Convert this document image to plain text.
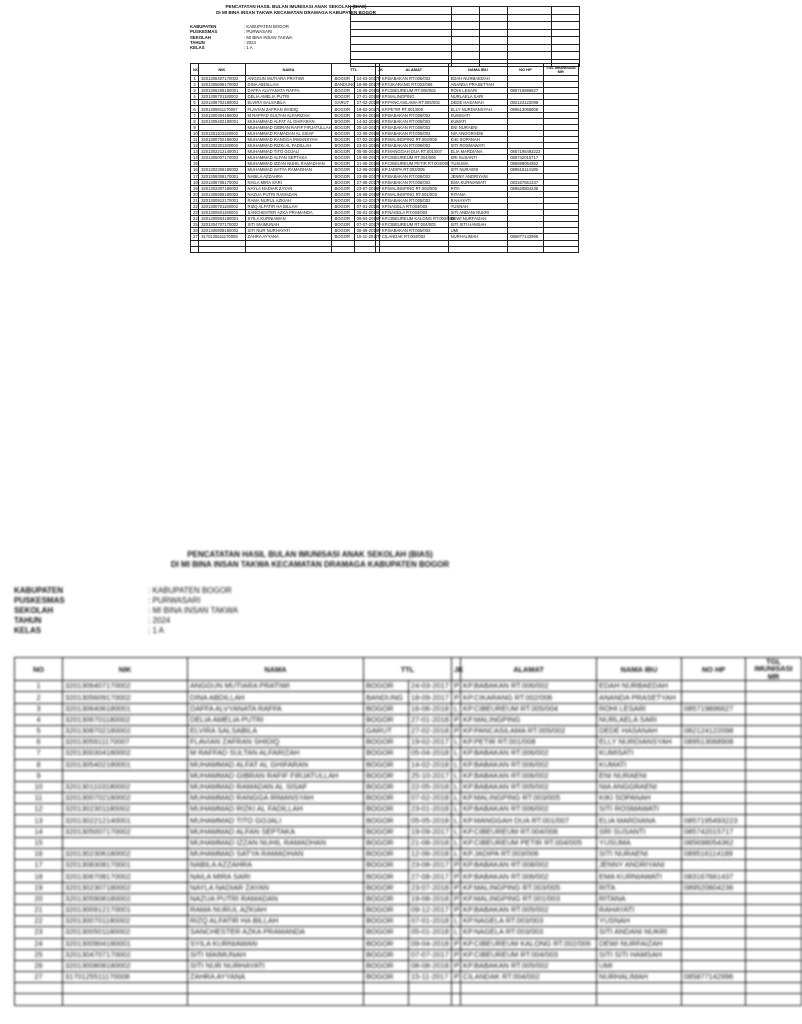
PENCATATAN HASIL BULAN IMUNISASI ANAK SEKOLAH (BIAS)
DI MI BINA INSAN TAKWA KECAMATAN DRAMAGA KABUPATEN BOGOR

KABUPATEN	: KABUPATEN BOGOR
PUSKESMAS	: PURWASARI
SEKOLAH	: MI BINA INSAN TAKWA
TAHUN	: 2024
KELAS	: 1 A
NO	NIK	NAMA	TTL		JK	ALAMAT	NAMA IBU	NO HP	TGL IMUNISASI MR
1	3201306407170002	ANGGUN MUTIARA PRATIWI	BOGOR	24-03-2017	P	KP.BABAKAN RT.006/002	EDAH NURBAEDAH		
2	3201305609170002	DINA ABDILLAH	BANDUNG	18-09-2017	P	KP.CIKARANG RT.002/006	ANANDA PRASETYAH		
3	3201306406180001	DAFFA ALVYANATA RAFFA	BOGOR	16-06-2018	L	KP.CIBEUREUM RT.005/004	ROHI LESARI	085719896627	
4	3201306701180002	DELIA AMELIA PUTRI	BOGOR	27-01-2018	P	KP.MALINGPING	NURLAELA SARI		
5	3201308702180002	ELVIRA SALSABILA	GARUT	27-02-2018	P	KP.PANCASILAMA RT.005/002	DEDE HASANAH	082124122098	
6	3201305911170007	FLAVIAN ZAFRAN SHIDIQ	BOGOR	19-02-2017	L	KP.PETIR RT.001/008	ELLY NURDIANSYAH	089513068908	
7	3201300304180002	M RAFFAD SULTAN ALFARIZAH	BOGOR	05-04-2018	L	KP.BABAKAN RT.006/002	KUMISATI		
8	3201305402180001	MUHAMMAD ALFAT AL GHIFARAN	BOGOR	14-02-2018	L	KP.BABAKAN RT.006/002	KUMATI		
9		MUHAMMAD GIBRAN RAFIF FIRJATULLAH	BOGOR	25-10-2017	L	KP.BABAKAN RT.006/002	ENI NURAENI		
10	3201301103180002	MUHAMMAD RAMADAN AL SISAF	BOGOR	22-05-2018	L	KP.BABAKAN RT.005/002	NIA ANGGRAENI		
11	3201300702180002	MUHAMMAD RANGGA IRMANSYAH	BOGOR	07-02-2018	L	KP.MALINGPING RT.003/005	KIKI SOPANAH		
12	3201302301180002	MUHAMMAD RIZKI AL FADILLAH	BOGOR	23-01-2018	L	KP.BABAKAN RT.006/002	SITI ROSMAWATI		
13	3201302212140001	MUHAMMAD TITO GOJALI	BOGOR	05-05-2018	L	KP.MANGGAH DUA RT.001/007	ELIA MARDIANA	0857195493223	
14	3201305007170002	MUHAMMAD ALFAN SEPTAKA	BOGOR	19-09-2017	L	KP.CIBEUREUM RT.004/006	SRI SUSANTI	085742015717	
15		MUHAMMAD IZZAN NUHIL RAMADHAN	BOGOR	21-08-2018	L	KP.CIBEUREUM PETIR RT.004/005	YUSUMA	085698054362	
16	3201302306180002	MUHAMMAD SATYA RAMADHAN	BOGOR	12-06-2018	L	KP.JADIPA RT.003/006	SITI NURAENI	089516114189	
17	3201308308170001	NABILA AZZAHRA	BOGOR	23-08-2017	P	KP.BABAKAN RT.008/002	JENNY ANDRIYANI		
18	3201306708170002	NAILA MIRA SARI	BOGOR	27-08-2017	P	KP.BABAKAN RT.006/002	EMA KURNIAWATI	083167661437	
19	3201302307180002	NAYLA NADIAR ZAYAN	BOGOR	23-07-2018	P	KP.MALINGPING RT.003/005	RITA	089520804236	
20	3201305908180002	NAZUA PUTRI RAMADAN	BOGOR	19-08-2018	P	KP.MALINGPING RT.001/003	RITANA		
21	3201300912170001	RAMA NURUL AZKIAH	BOGOR	09-12-2017	P	KP.BABAKAN RT.005/002	RAHAYATI		
22	3201300701180002	RIZQ ALFATIR HA BILLAH	BOGOR	07-01-2018	L	KP.NAGELA RT.003/003	YUSNAH		
23	3201300501180002	SANCHESTER AZKA PRAMANDA	BOGOR	05-01-2018	L	KP.NAGELA RT.003/003	SITI ANDANI NUKRI		
24	3201300904180001	SYILA KURNIAWAN	BOGOR	09-04-2018	P	KP.CIBEUREUM KALONG RT.002/006	DEWI NURFAIZAH		
25	3201304707170002	SITI MAIMUNAH	BOGOR	07-07-2017	P	KP.CIBEUREUM RT.004/003	SITI SITI HAMSAH		
26	3201300808180002	SITI NUR NURHAYATI	BOGOR	08-08-2018	P	KP.BABAKAN RT.005/002	UMI		
27	3170125511170008	ZAHRA AYYANA	BOGOR	15-11-2017	P	CILANDAK RT.004/002	NURHALIMAH	085877142996	

PENCATATAN HASIL BULAN IMUNISASI ANAK SEKOLAH (BIAS)
DI MI BINA INSAN TAKWA KECAMATAN DRAMAGA KABUPATEN BOGOR
KABUPATEN	: KABUPATEN BOGOR
PUSKESMAS	: PURWASARI
SEKOLAH	: MI BINA INSAN TAKWA
TAHUN	: 2024
KELAS	: 1 A
NO	NIK	NAMA	TTL		JK	ALAMAT	NAMA IBU	NO HP	TGL IMUNISASI MR
1	3201306407170002	ANGGUN MUTIARA PRATIWI	BOGOR	24-03-2017	P	KP.BABAKAN RT.006/002	EDAH NURBAEDAH		
2	3201305609170002	DINA ABDILLAH	BANDUNG	18-09-2017	P	KP.CIKARANG RT.002/006	ANANDA PRASETYAH		
3	3201306406180001	DAFFA ALVYANATA RAFFA	BOGOR	16-06-2018	L	KP.CIBEUREUM RT.005/004	ROHI LESARI	085719896627	
4	3201306701180002	DELIA AMELIA PUTRI	BOGOR	27-01-2018	P	KP.MALINGPING	NURLAELA SARI		
5	3201308702180002	ELVIRA SALSABILA	GARUT	27-02-2018	P	KP.PANCASILAMA RT.005/002	DEDE HASANAH	082124122098	
6	3201305911170007	FLAVIAN ZAFRAN SHIDIQ	BOGOR	19-02-2017	L	KP.PETIR RT.001/008	ELLY NURDIANSYAH	089513068908	
7	3201300304180002	M RAFFAD SULTAN ALFARIZAH	BOGOR	05-04-2018	L	KP.BABAKAN RT.006/002	KUMISATI		
8	3201305402180001	MUHAMMAD ALFAT AL GHIFARAN	BOGOR	14-02-2018	L	KP.BABAKAN RT.006/002	KUMATI		
9		MUHAMMAD GIBRAN RAFIF FIRJATULLAH	BOGOR	25-10-2017	L	KP.BABAKAN RT.006/002	ENI NURAENI		
10	3201301103180002	MUHAMMAD RAMADAN AL SISAF	BOGOR	22-05-2018	L	KP.BABAKAN RT.005/002	NIA ANGGRAENI		
11	3201300702180002	MUHAMMAD RANGGA IRMANSYAH	BOGOR	07-02-2018	L	KP.MALINGPING RT.003/005	KIKI SOPANAH		
12	3201302301180002	MUHAMMAD RIZKI AL FADILLAH	BOGOR	23-01-2018	L	KP.BABAKAN RT.006/002	SITI ROSMAWATI		
13	3201302212140001	MUHAMMAD TITO GOJALI	BOGOR	05-05-2018	L	KP.MANGGAH DUA RT.001/007	ELIA MARDIANA	0857195493223	
14	3201305007170002	MUHAMMAD ALFAN SEPTAKA	BOGOR	19-09-2017	L	KP.CIBEUREUM RT.004/006	SRI SUSANTI	085742015717	
15		MUHAMMAD IZZAN NUHIL RAMADHAN	BOGOR	21-08-2018	L	KP.CIBEUREUM PETIR RT.004/005	YUSUMA	085698054362	
16	3201302306180002	MUHAMMAD SATYA RAMADHAN	BOGOR	12-06-2018	L	KP.JADIPA RT.003/006	SITI NURAENI	089516114189	
17	3201308308170001	NABILA AZZAHRA	BOGOR	23-08-2017	P	KP.BABAKAN RT.008/002	JENNY ANDRIYANI		
18	3201306708170002	NAILA MIRA SARI	BOGOR	27-08-2017	P	KP.BABAKAN RT.006/002	EMA KURNIAWATI	083167661437	
19	3201302307180002	NAYLA NADIAR ZAYAN	BOGOR	23-07-2018	P	KP.MALINGPING RT.003/005	RITA	089520804236	
20	3201305908180002	NAZUA PUTRI RAMADAN	BOGOR	19-08-2018	P	KP.MALINGPING RT.001/003	RITANA		
21	3201300912170001	RAMA NURUL AZKIAH	BOGOR	09-12-2017	P	KP.BABAKAN RT.005/002	RAHAYATI		
22	3201300701180002	RIZQ ALFATIR HA BILLAH	BOGOR	07-01-2018	L	KP.NAGELA RT.003/003	YUSNAH		
23	3201300501180002	SANCHESTER AZKA PRAMANDA	BOGOR	05-01-2018	L	KP.NAGELA RT.003/003	SITI ANDANI NUKRI		
24	3201300904180001	SYILA KURNIAWAN	BOGOR	09-04-2018	P	KP.CIBEUREUM KALONG RT.002/006	DEWI NURFAIZAH		
25	3201304707170002	SITI MAIMUNAH	BOGOR	07-07-2017	P	KP.CIBEUREUM RT.004/003	SITI SITI HAMSAH		
26	3201300808180002	SITI NUR NURHAYATI	BOGOR	08-08-2018	P	KP.BABAKAN RT.005/002	UMI		
27	3170125511170008	ZAHRA AYYANA	BOGOR	15-11-2017	P	CILANDAK RT.004/002	NURHALIMAH	085877142996	
